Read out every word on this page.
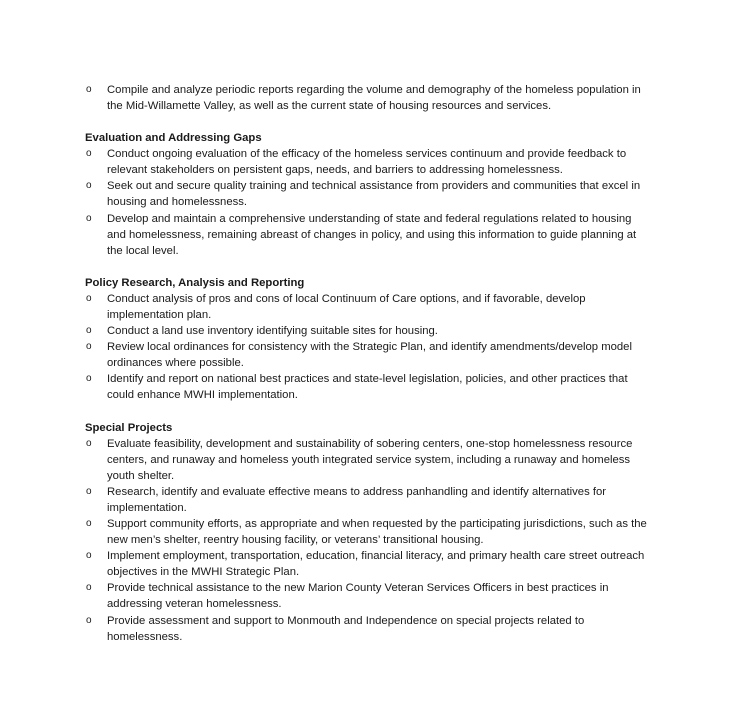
o Compile and analyze periodic reports regarding the volume and demography of the homeless population in the Mid-Willamette Valley, as well as the current state of housing resources and services.

Evaluation and Addressing Gaps

o Conduct ongoing evaluation of the efficacy of the homeless services continuum and provide feedback to relevant stakeholders on persistent gaps, needs, and barriers to addressing homelessness.
o Seek out and secure quality training and technical assistance from providers and communities that excel in housing and homelessness.
o Develop and maintain a comprehensive understanding of state and federal regulations related to housing and homelessness, remaining abreast of changes in policy, and using this information to guide planning at the local level.

Policy Research, Analysis and Reporting

o Conduct analysis of pros and cons of local Continuum of Care options, and if favorable, develop implementation plan.
o Conduct a land use inventory identifying suitable sites for housing.
o Review local ordinances for consistency with the Strategic Plan, and identify amendments/develop model ordinances where possible.
o Identify and report on national best practices and state-level legislation, policies, and other practices that could enhance MWHI implementation.

Special Projects

o Evaluate feasibility, development and sustainability of sobering centers, one-stop homelessness resource centers, and runaway and homeless youth integrated service system, including a runaway and homeless youth shelter.
o Research, identify and evaluate effective means to address panhandling and identify alternatives for implementation.
o Support community efforts, as appropriate and when requested by the participating jurisdictions, such as the new men’s shelter, reentry housing facility, or veterans’ transitional housing.
o Implement employment, transportation, education, financial literacy, and primary health care street outreach objectives in the MWHI Strategic Plan.
o Provide technical assistance to the new Marion County Veteran Services Officers in best practices in addressing veteran homelessness.
o Provide assessment and support to Monmouth and Independence on special projects related to homelessness.
